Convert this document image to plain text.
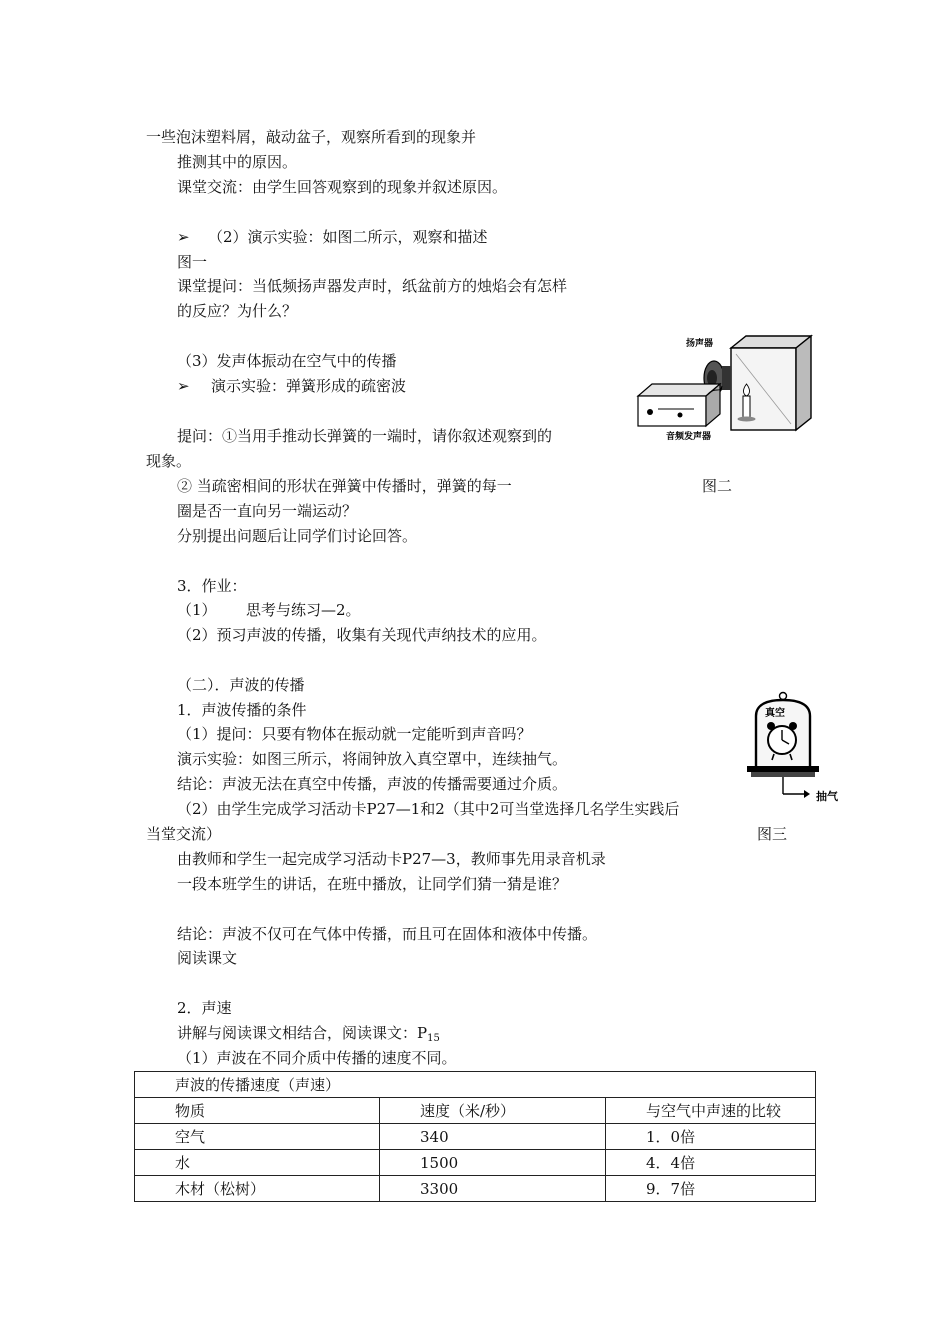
一些泡沫塑料屑，敲动盆子，观察所看到的现象并
推测其中的原因。
课堂交流：由学生回答观察到的现象并叙述原因。
➢ （2）演示实验：如图二所示，观察和描述
图一
课堂提问：当低频扬声器发声时，纸盆前方的烛焰会有怎样
的反应？为什么？
（3）发声体振动在空气中的传播
➢ 演示实验：弹簧形成的疏密波
提问：①当用手推动长弹簧的一端时，请你叙述观察到的
现象。
② 当疏密相间的形状在弹簧中传播时，弹簧的每一
圈是否一直向另一端运动？
分别提出问题后让同学们讨论回答。
3．作业：
（1） 思考与练习—2。
（2）预习声波的传播，收集有关现代声纳技术的应用。
（二）．声波的传播
1．声波传播的条件
（1）提问：只要有物体在振动就一定能听到声音吗？
演示实验：如图三所示，将闹钟放入真空罩中，连续抽气。
结论：声波无法在真空中传播，声波的传播需要通过介质。
（2）由学生完成学习活动卡P27—1和2（其中2可当堂选择几名学生实践后
当堂交流）
由教师和学生一起完成学习活动卡P27—3，教师事先用录音机录
一段本班学生的讲话，在班中播放，让同学们猜一猜是谁？
结论：声波不仅可在气体中传播，而且可在固体和液体中传播。
阅读课文
2．声速
讲解与阅读课文相结合，阅读课文：$P_{15}$
（1）声波在不同介质中传播的速度不同。
扬声器
音频发声器
图二
真空
抽气
图三
声波的传播速度（声速）		
物质	速度（米/秒）	与空气中声速的比较
空气	340	1．0倍
水	1500	4．4倍
木材（松树）	3300	9．7倍
